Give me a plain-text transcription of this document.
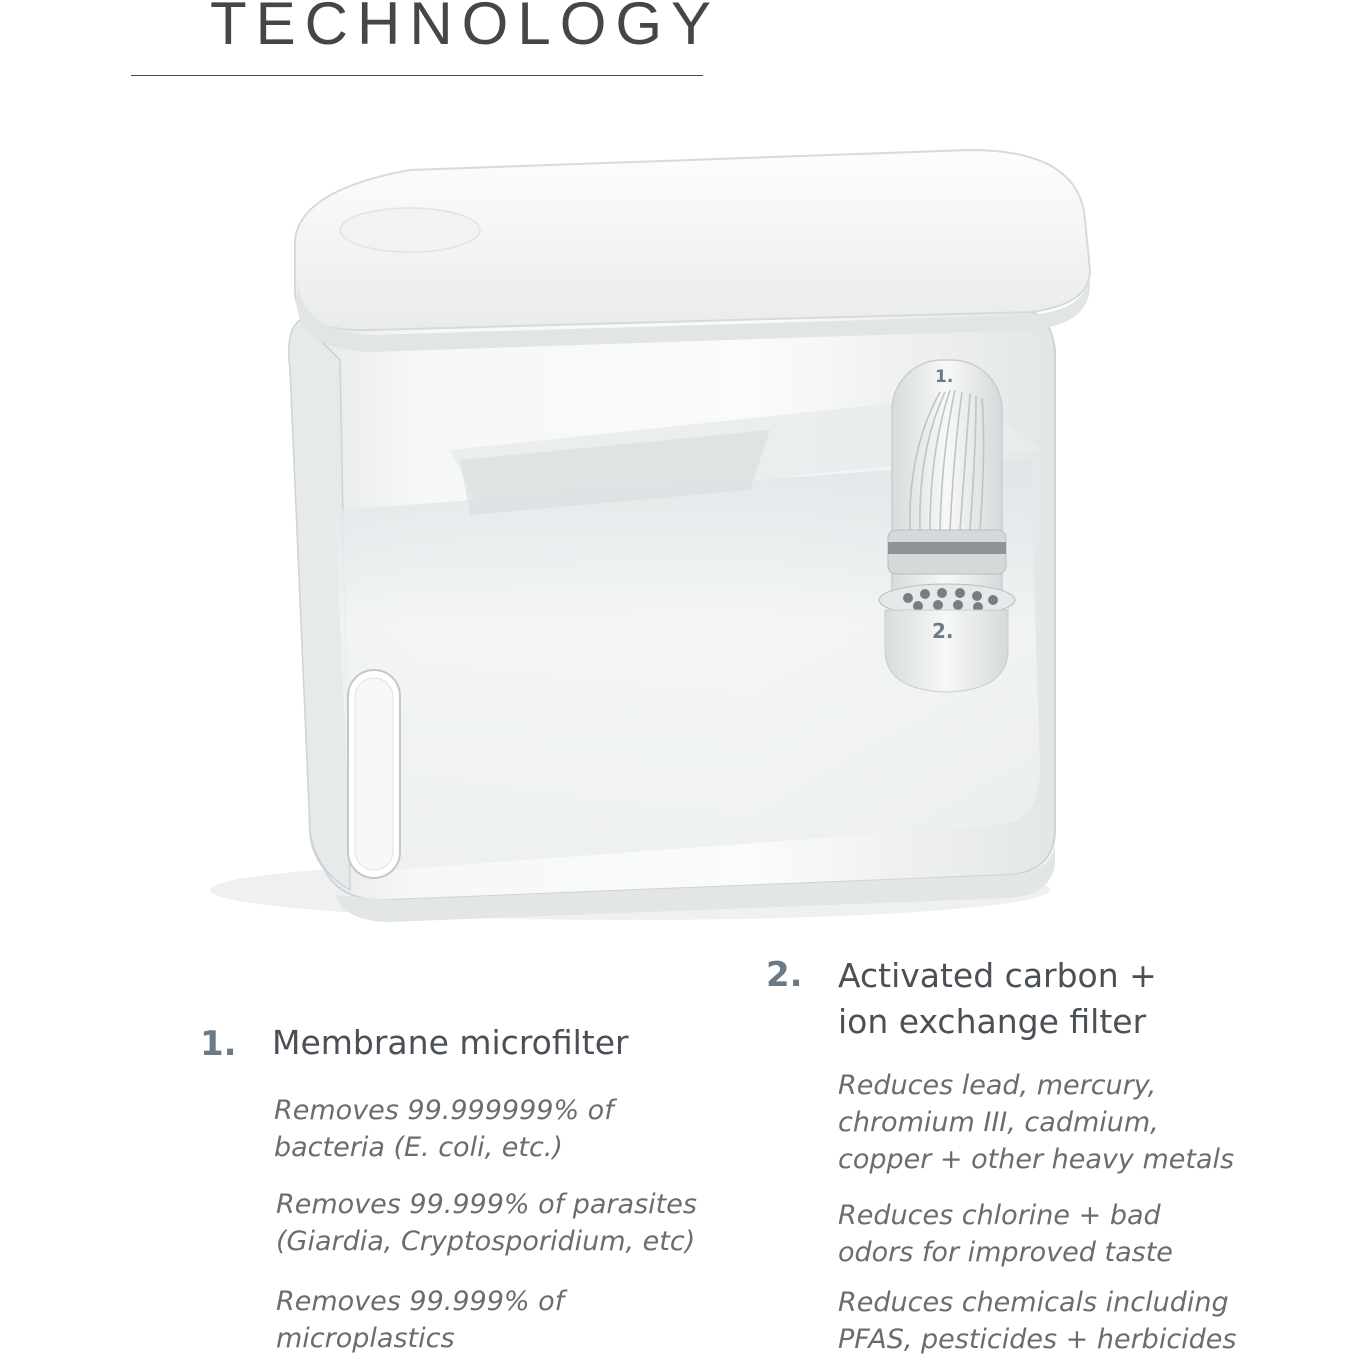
TECHNOLOGY
1.
2.
1. Membrane microfilter
Removes 99.999999% of
bacteria (E. coli, etc.)
Removes 99.999% of parasites
(Giardia, Cryptosporidium, etc)
Removes 99.999% of
microplastics
2. Activated carbon +
ion exchange filter
Reduces lead, mercury,
chromium III, cadmium,
copper + other heavy metals
Reduces chlorine + bad
odors for improved taste
Reduces chemicals including
PFAS, pesticides + herbicides
